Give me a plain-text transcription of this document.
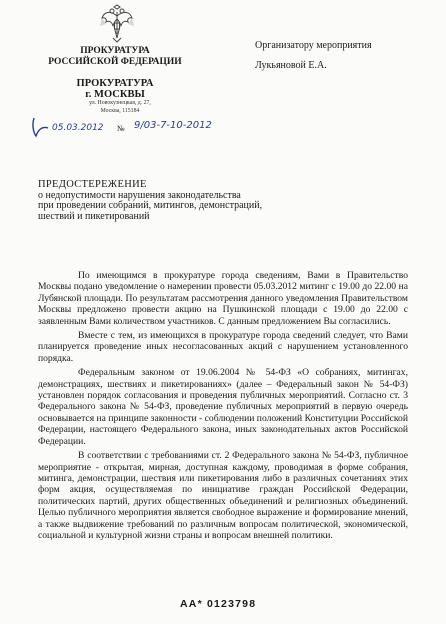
ПРОКУРАТУРА
РОССИЙСКОЙ ФЕДЕРАЦИИ
ПРОКУРАТУРА
г. МОСКВЫ
ул. Новокузнецкая, д. 27,
Москва, 115184
Организатору мероприятия
Лукьяновой Е.А.
05.03.2012 № 9/03-7-10-2012
ПРЕДОСТЕРЕЖЕНИЕ
о недопустимости нарушения законодательства
при проведении собраний, митингов, демонстраций,
шествий и пикетирований

По имеющимся в прокуратуре города сведениям, Вами в Правительство Москвы подано уведомление о намерении провести 05.03.2012 митинг с 19.00 до 22.00 на Лубянской площади. По результатам рассмотрения данного уведомления Правительством Москвы предложено провести акцию на Пушкинской площади с 19.00 до 22.00 с заявленным Вами количеством участников. С данным предложением Вы согласились.

Вместе с тем, из имеющихся в прокуратуре города сведений следует, что Вами планируется проведение иных несогласованных акций с нарушением установленного порядка.

Федеральным законом от 19.06.2004 № 54-ФЗ «О собраниях, митингах, демонстрациях, шествиях и пикетированиях» (далее – Федеральный закон № 54-ФЗ) установлен порядок согласования и проведения публичных мероприятий. Согласно ст. 3 Федерального закона № 54-ФЗ, проведение публичных мероприятий в первую очередь основывается на принципе законности - соблюдении положений Конституции Российской Федерации, настоящего Федерального закона, иных законодательных актов Российской Федерации.

В соответствии с требованиями ст. 2 Федерального закона № 54-ФЗ, публичное мероприятие - открытая, мирная, доступная каждому, проводимая в форме собрания, митинга, демонстрации, шествия или пикетирования либо в различных сочетаниях этих форм акция, осуществляемая по инициативе граждан Российской Федерации, политических партий, других общественных объединений и религиозных объединений. Целью публичного мероприятия является свободное выражение и формирование мнений, а также выдвижение требований по различным вопросам политической, экономической, социальной и культурной жизни страны и вопросам внешней политики.

АА* 0123798
